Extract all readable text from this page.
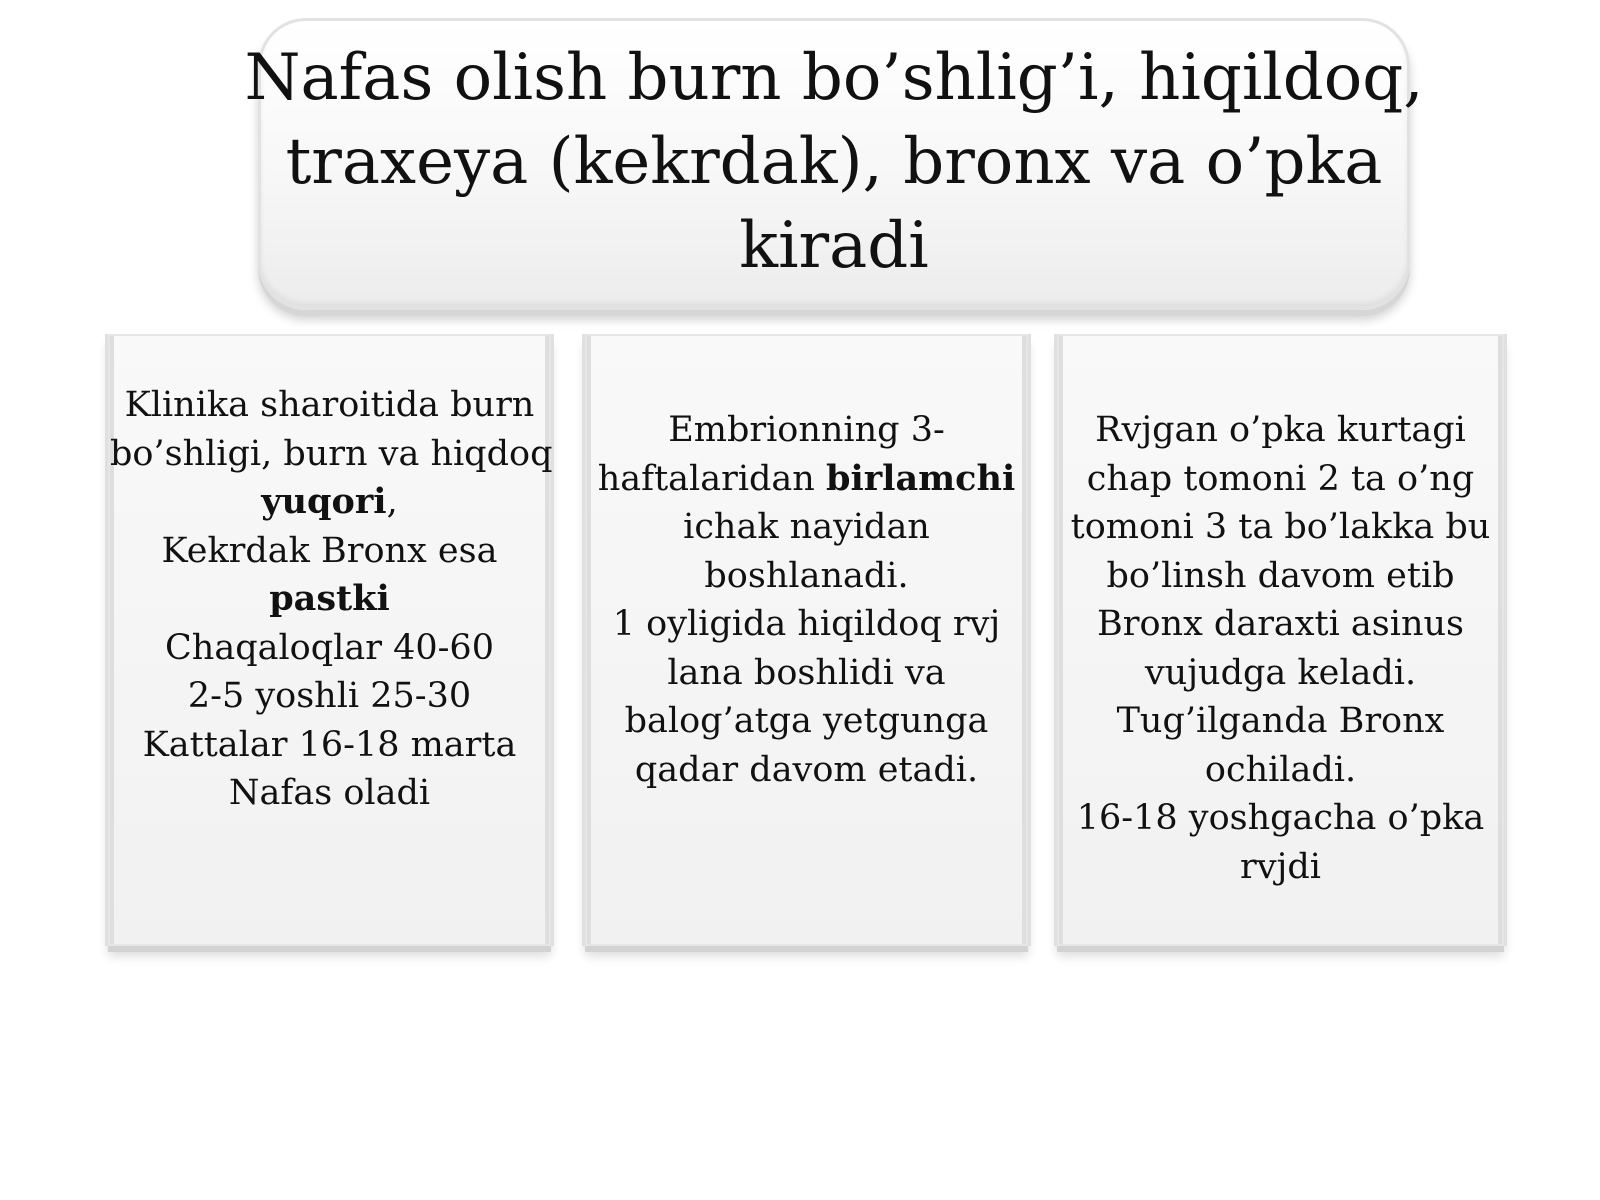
Nafas olish burn bo’shlig’i, hiqildoq,
traxeya (kekrdak), bronx va o’pka
kiradi
Klinika sharoitida burn
bo’shligi, burn va hiqdoq
yuqori,
Kekrdak Bronx esa
pastki
Chaqaloqlar 40-60
2-5 yoshli 25-30
Kattalar 16-18 marta
Nafas oladi
Embrionning 3-
haftalaridan birlamchi
ichak nayidan
boshlanadi.
1 oyligida hiqildoq rvj
lana boshlidi va
balog’atga yetgunga
qadar davom etadi.
Rvjgan o’pka kurtagi
chap tomoni 2 ta o’ng
tomoni 3 ta bo’lakka bu
bo’linsh davom etib
Bronx daraxti asinus
vujudga keladi.
Tug’ilganda Bronx
ochiladi.
16-18 yoshgacha o’pka
rvjdi
